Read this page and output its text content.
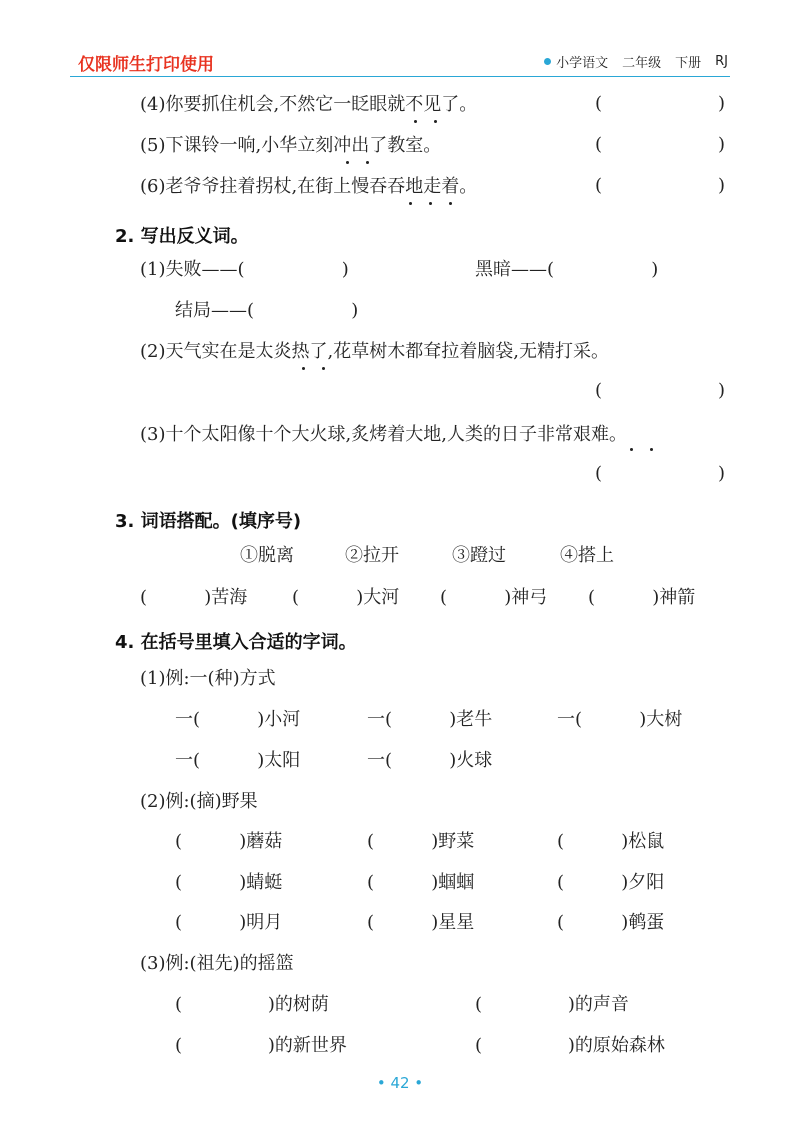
仅限师生打印使用	小学语文 二年级 下册 RJ
(4)你要抓住机会,不然它一眨眼就不见了。	(	)
(5)下课铃一响,小华立刻冲出了教室。	(	)
(6)老爷爷拄着拐杖,在街上慢吞吞地走着。	(	)
2. 写出反义词。
(1)失败——(                 )	黑暗——(                 )
结局——(                 )
(2)天气实在是太炎热了,花草树木都耷拉着脑袋,无精打采。
(	)
(3)十个太阳像十个大火球,炙烤着大地,人类的日子非常艰难。
(	)
3. 词语搭配。(填序号)
①脱离	②拉开	③蹬过	④搭上
(          )苦海 (          )大河 (          )神弓 (          )神箭
4. 在括号里填入合适的字词。
(1)例:一(种)方式
一(          )小河	一(          )老牛	一(          )大树
一(          )太阳	一(          )火球
(2)例:(摘)野果
(          )蘑菇	(          )野菜	(          )松鼠
(          )蜻蜓	(          )蝈蝈	(          )夕阳
(          )明月	(          )星星	(          )鹌蛋
(3)例:(祖先)的摇篮
(               )的树荫	(               )的声音
(               )的新世界	(               )的原始森林
• 42 •
